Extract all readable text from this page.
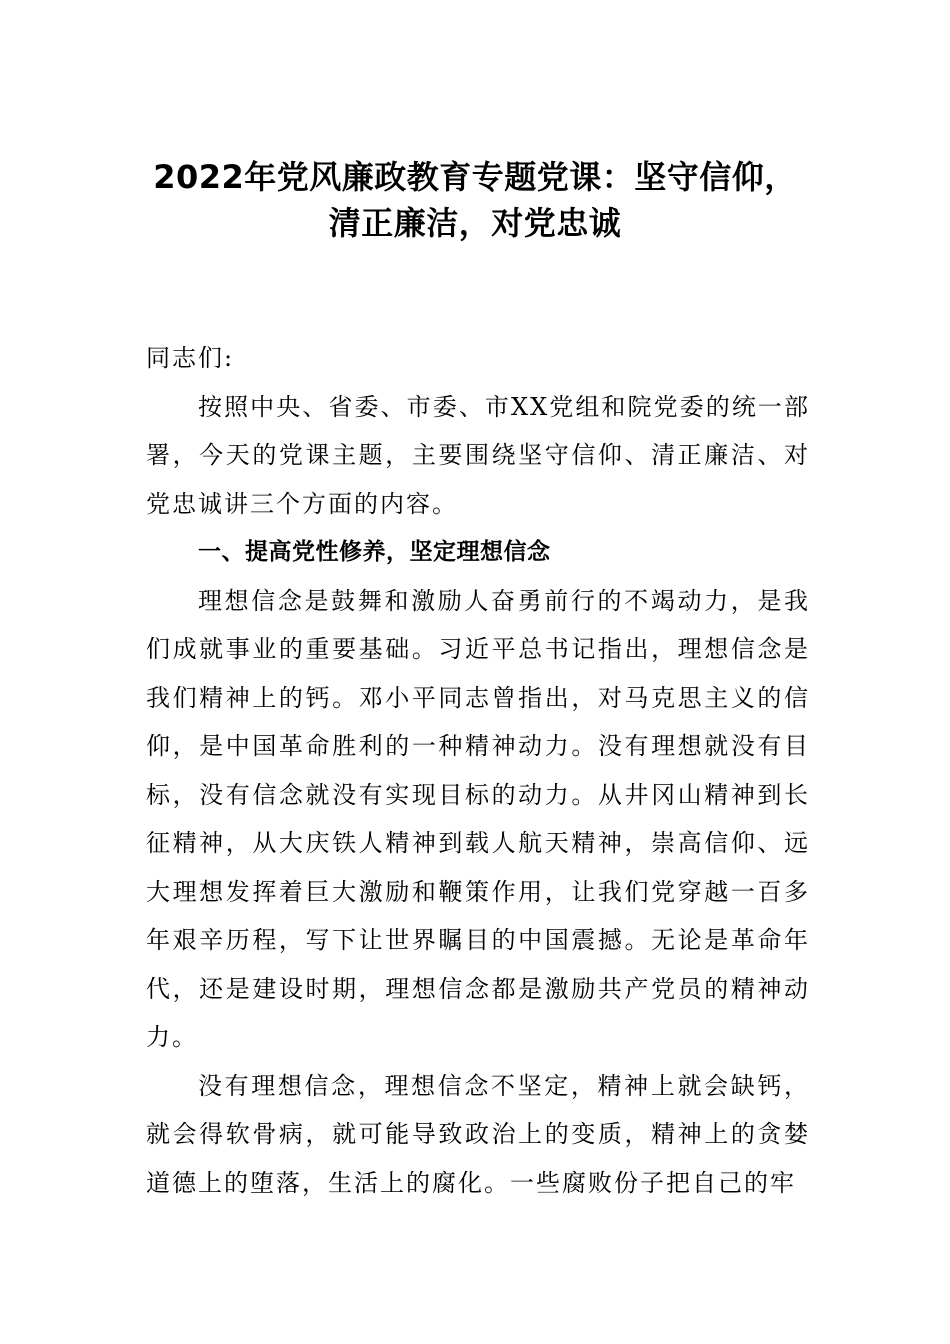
2022年党风廉政教育专题党课：坚守信仰，
清正廉洁，对党忠诚

同志们:

按照中央、省委、市委、市XX党组和院党委的统一部署，今天的党课主题，主要围绕坚守信仰、清正廉洁、对党忠诚讲三个方面的内容。

一、提高党性修养，坚定理想信念

理想信念是鼓舞和激励人奋勇前行的不竭动力，是我们成就事业的重要基础。习近平总书记指出，理想信念是我们精神上的钙。邓小平同志曾指出，对马克思主义的信仰，是中国革命胜利的一种精神动力。没有理想就没有目标，没有信念就没有实现目标的动力。从井冈山精神到长征精神，从大庆铁人精神到载人航天精神，崇高信仰、远大理想发挥着巨大激励和鞭策作用，让我们党穿越一百多年艰辛历程，写下让世界瞩目的中国震撼。无论是革命年代，还是建设时期，理想信念都是激励共产党员的精神动力。

没有理想信念，理想信念不坚定，精神上就会缺钙，就会得软骨病，就可能导致政治上的变质，精神上的贪婪道德上的堕落，生活上的腐化。一些腐败份子把自己的牢
